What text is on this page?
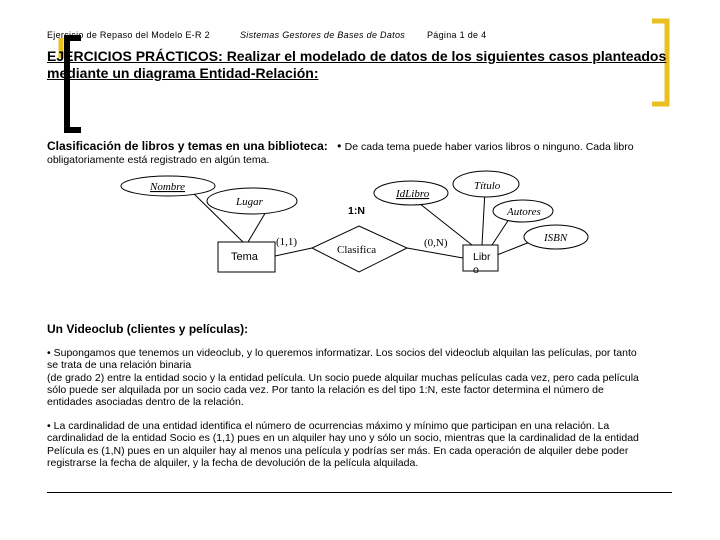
Ejercicio de Repaso del Modelo E-R 2	Sistemas Gestores de Bases de Datos Página 1 de 4
EJERCICIOS PRÁCTICOS: Realizar el modelado de datos de los siguientes casos planteados mediante un diagrama Entidad-Relación:
Clasificación de libros y temas en una biblioteca: • De cada tema puede haber varios libros o ninguno. Cada libro
obligatoriamente está registrado en algún tema.
Nombre
Lugar
IdLibro
Título
Autores
ISBN
1:N
(1,1)	(0,N)
Tema
Clasifica
Libr
o
Un Videoclub (clientes y películas):
• Supongamos que tenemos un videoclub, y lo queremos informatizar. Los socios del videoclub alquilan las películas, por tanto
se trata de una relación binaria
(de grado 2) entre la entidad socio y la entidad película. Un socio puede alquilar muchas películas cada vez, pero cada película
sólo puede ser alquilada por un socio cada vez. Por tanto la relación es del tipo 1:N, este factor determina el número de
entidades asociadas dentro de la relación.
• La cardinalidad de una entidad identifica el número de ocurrencias máximo y mínimo que participan en una relación. La
cardinalidad de la entidad Socio es (1,1) pues en un alquiler hay uno y sólo un socio, mientras que la cardinalidad de la entidad
Película es (1,N) pues en un alquiler hay al menos una película y podrías ser más. En cada operación de alquiler debe poder
registrarse la fecha de alquiler, y la fecha de devolución de la película alquilada.
